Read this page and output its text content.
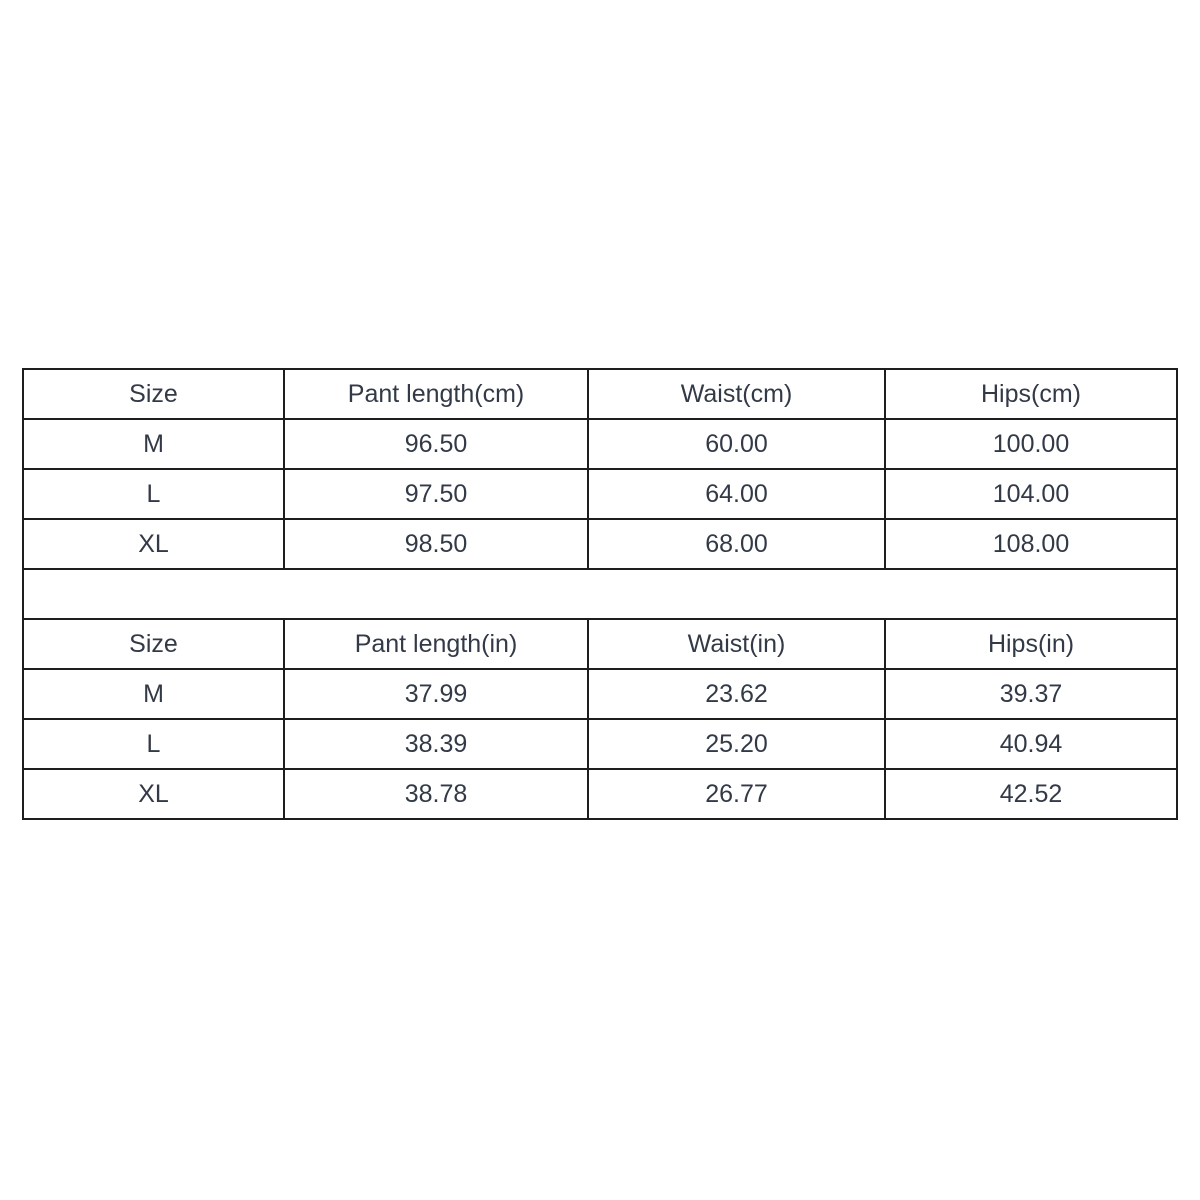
Size	Pant length(cm)	Waist(cm)	Hips(cm)
M	96.50	60.00	100.00
L	97.50	64.00	104.00
XL	98.50	68.00	108.00

Size	Pant length(in)	Waist(in)	Hips(in)
M	37.99	23.62	39.37
L	38.39	25.20	40.94
XL	38.78	26.77	42.52
